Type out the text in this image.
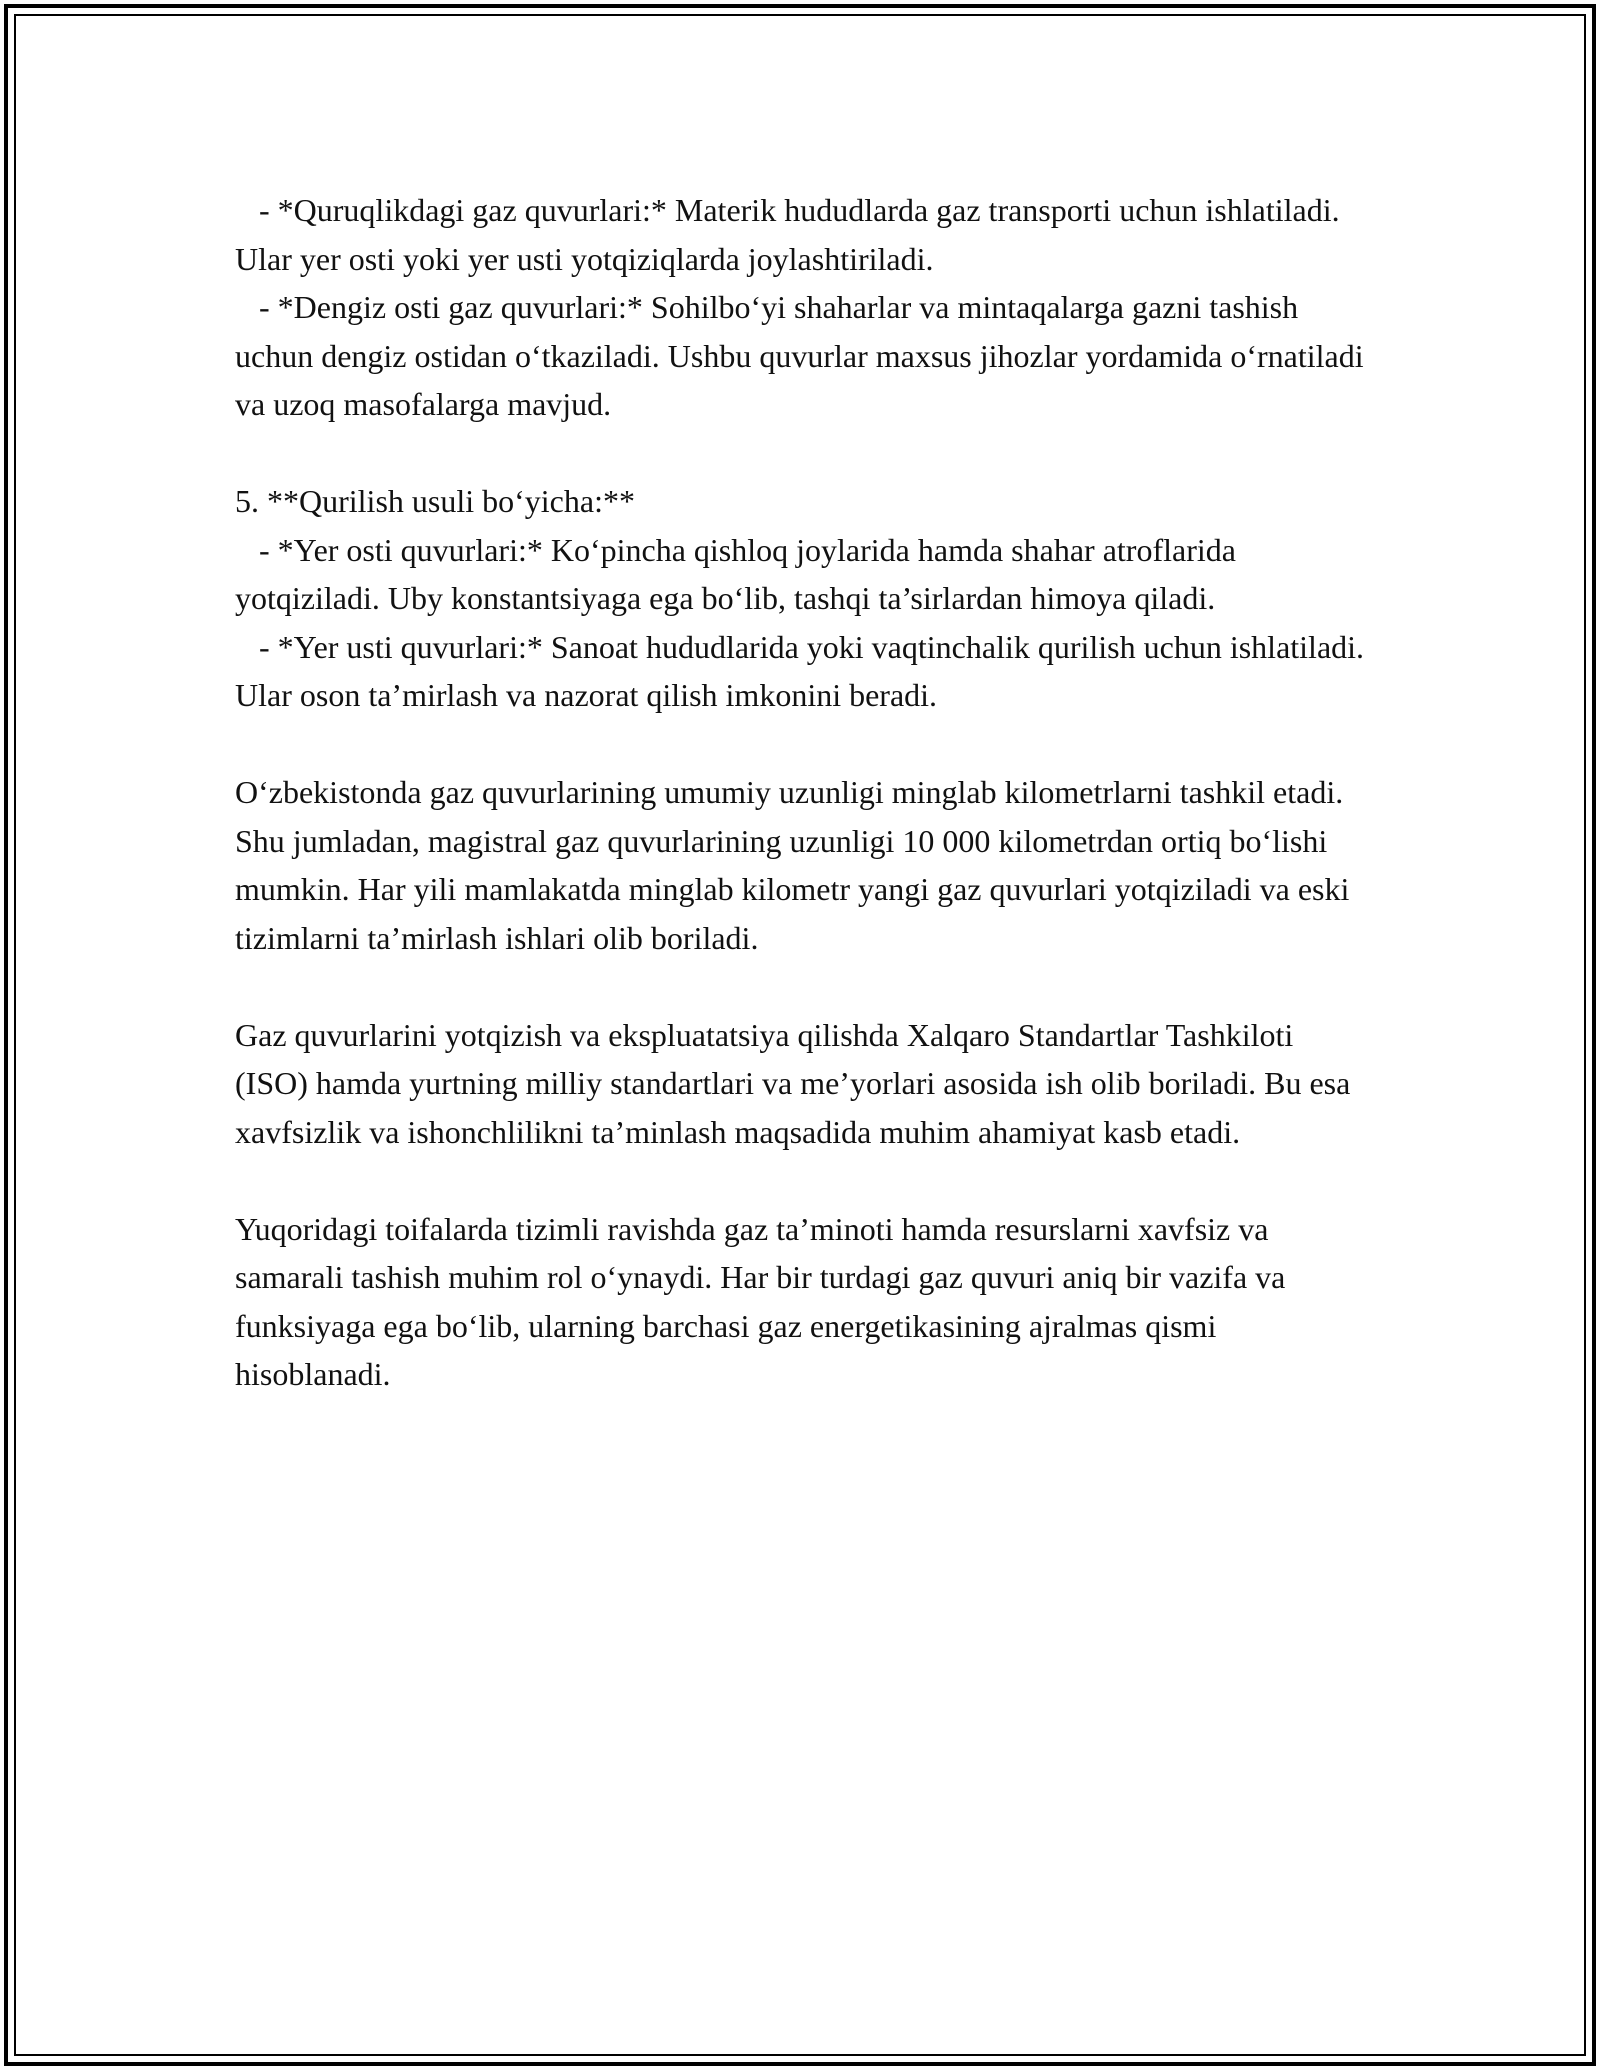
- *Quruqlikdagi gaz quvurlari:* Materik hududlarda gaz transporti uchun ishlatiladi. Ular yer osti yoki yer usti yotqiziqlarda joylashtiriladi.

- *Dengiz osti gaz quvurlari:* Sohilbo‘yi shaharlar va mintaqalarga gazni tashish uchun dengiz ostidan o‘tkaziladi. Ushbu quvurlar maxsus jihozlar yordamida o‘rnatiladi va uzoq masofalarga mavjud.

5. **Qurilish usuli bo‘yicha:**

- *Yer osti quvurlari:* Ko‘pincha qishloq joylarida hamda shahar atroflarida yotqiziladi. Uby konstantsiyaga ega bo‘lib, tashqi ta’sirlardan himoya qiladi.

- *Yer usti quvurlari:* Sanoat hududlarida yoki vaqtinchalik qurilish uchun ishlatiladi. Ular oson ta’mirlash va nazorat qilish imkonini beradi.

O‘zbekistonda gaz quvurlarining umumiy uzunligi minglab kilometrlarni tashkil etadi. Shu jumladan, magistral gaz quvurlarining uzunligi 10 000 kilometrdan ortiq bo‘lishi mumkin. Har yili mamlakatda minglab kilometr yangi gaz quvurlari yotqiziladi va eski tizimlarni ta’mirlash ishlari olib boriladi.

Gaz quvurlarini yotqizish va ekspluatatsiya qilishda Xalqaro Standartlar Tashkiloti (ISO) hamda yurtning milliy standartlari va me’yorlari asosida ish olib boriladi. Bu esa xavfsizlik va ishonchlilikni ta’minlash maqsadida muhim ahamiyat kasb etadi.

Yuqoridagi toifalarda tizimli ravishda gaz ta’minoti hamda resurslarni xavfsiz va samarali tashish muhim rol o‘ynaydi. Har bir turdagi gaz quvuri aniq bir vazifa va funksiyaga ega bo‘lib, ularning barchasi gaz energetikasining ajralmas qismi hisoblanadi.
